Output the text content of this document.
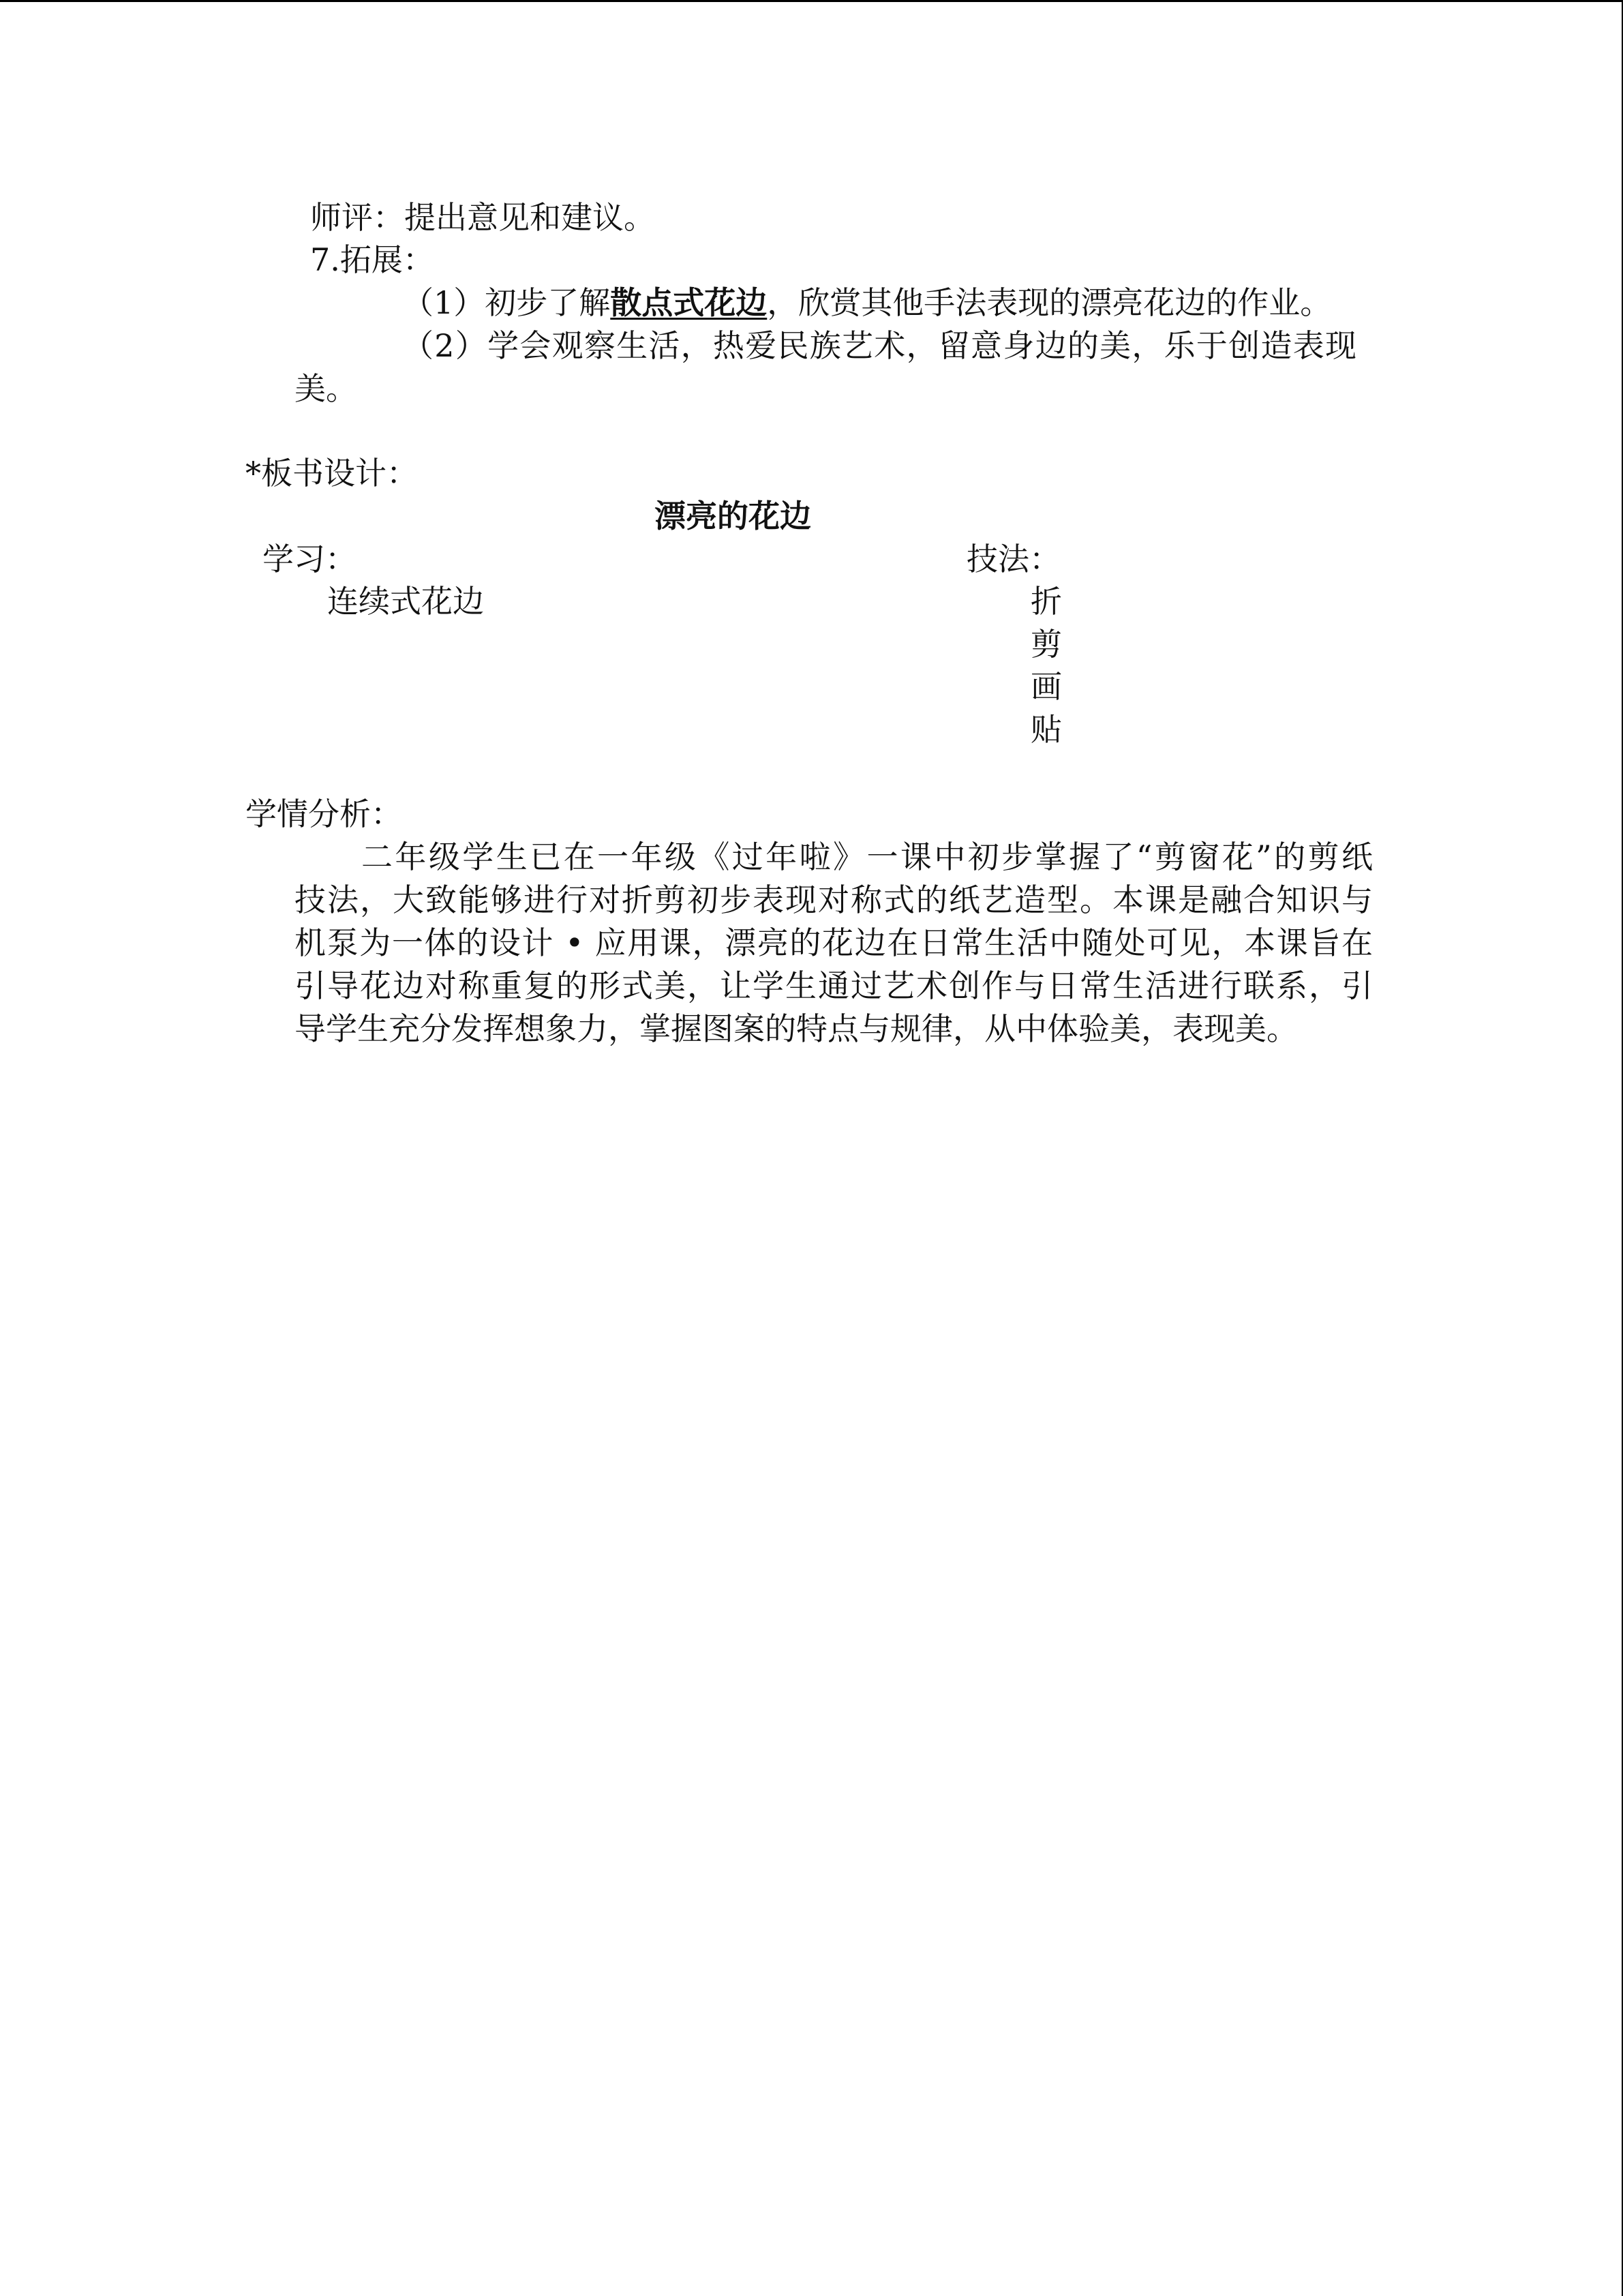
师评：提出意见和建议。
7.拓展：
（1）初步了解散点式花边，欣赏其他手法表现的漂亮花边的作业。
（2）学会观察生活，热爱民族艺术，留意身边的美，乐于创造表现
美。
*板书设计：
漂亮的花边
学习：	技法：
连续式花边	折
剪
画
贴
学情分析：
二年级学生已在一年级《过年啦》一课中初步掌握了“剪窗花”的剪纸
技法，大致能够进行对折剪初步表现对称式的纸艺造型。本课是融合知识与
机泵为一体的设计 • 应用课，漂亮的花边在日常生活中随处可见，本课旨在
引导花边对称重复的形式美，让学生通过艺术创作与日常生活进行联系，引
导学生充分发挥想象力，掌握图案的特点与规律，从中体验美，表现美。
